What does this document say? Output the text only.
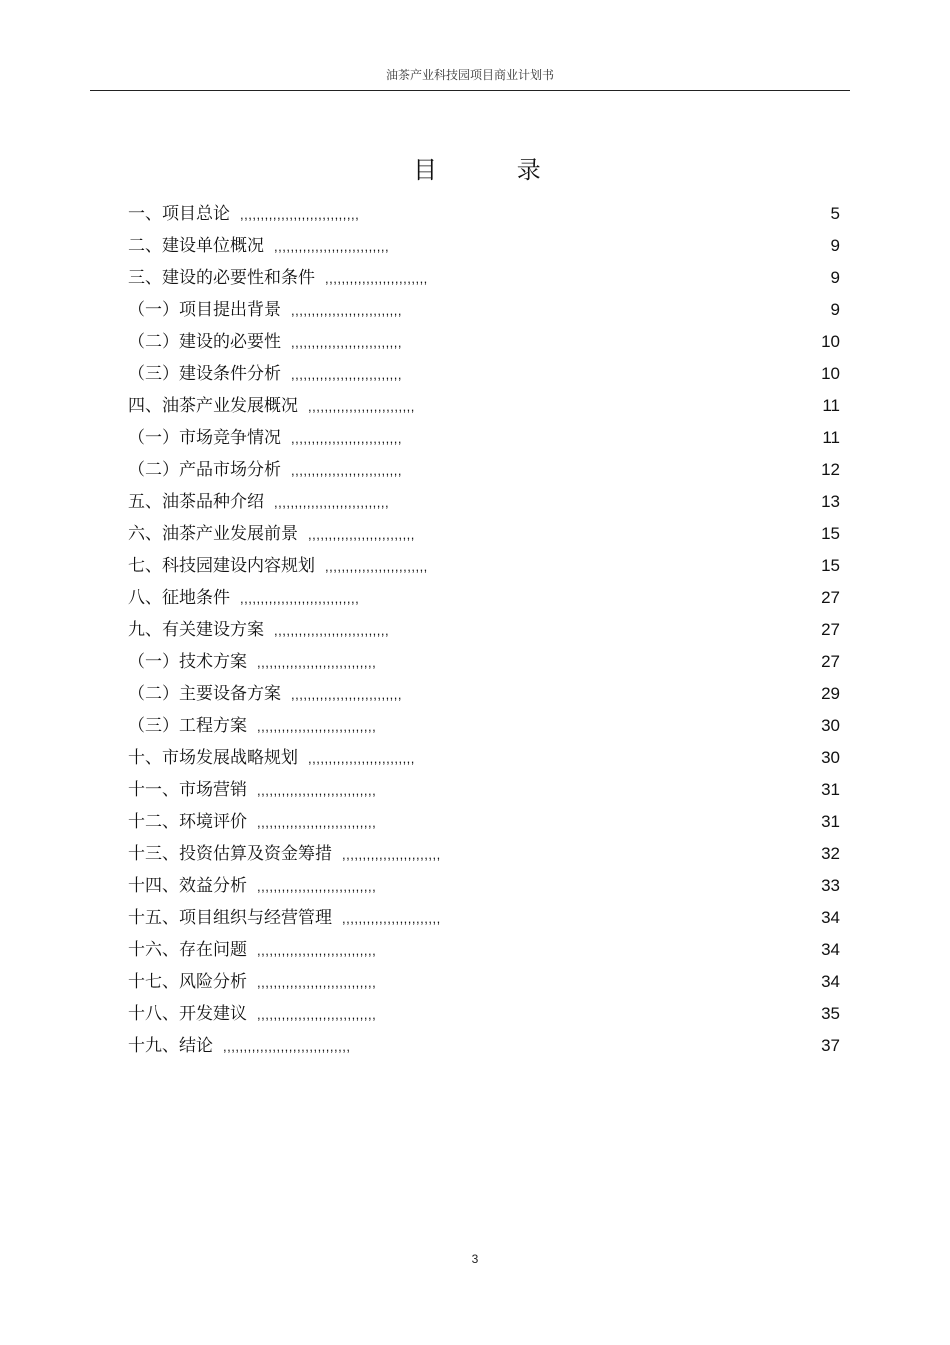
油茶产业科技园项目商业计划书
目 录
一、项目总论 ,,,,,,,,,,,,,,,,,,,,,,,,,,,,,	5
二、建设单位概况 ,,,,,,,,,,,,,,,,,,,,,,,,,,,,	9
三、建设的必要性和条件 ,,,,,,,,,,,,,,,,,,,,,,,,,	9
（一）项目提出背景 ,,,,,,,,,,,,,,,,,,,,,,,,,,,	9
（二）建设的必要性 ,,,,,,,,,,,,,,,,,,,,,,,,,,,	10
（三）建设条件分析 ,,,,,,,,,,,,,,,,,,,,,,,,,,,	10
四、油茶产业发展概况 ,,,,,,,,,,,,,,,,,,,,,,,,,,	11
（一）市场竞争情况 ,,,,,,,,,,,,,,,,,,,,,,,,,,,	11
（二）产品市场分析 ,,,,,,,,,,,,,,,,,,,,,,,,,,,	12
五、油茶品种介绍 ,,,,,,,,,,,,,,,,,,,,,,,,,,,,	13
六、油茶产业发展前景 ,,,,,,,,,,,,,,,,,,,,,,,,,,	15
七、科技园建设内容规划 ,,,,,,,,,,,,,,,,,,,,,,,,,	15
八、征地条件 ,,,,,,,,,,,,,,,,,,,,,,,,,,,,,	27
九、有关建设方案 ,,,,,,,,,,,,,,,,,,,,,,,,,,,,	27
（一）技术方案 ,,,,,,,,,,,,,,,,,,,,,,,,,,,,,	27
（二）主要设备方案 ,,,,,,,,,,,,,,,,,,,,,,,,,,,	29
（三）工程方案 ,,,,,,,,,,,,,,,,,,,,,,,,,,,,,	30
十、市场发展战略规划 ,,,,,,,,,,,,,,,,,,,,,,,,,,	30
十一、市场营销 ,,,,,,,,,,,,,,,,,,,,,,,,,,,,,	31
十二、环境评价 ,,,,,,,,,,,,,,,,,,,,,,,,,,,,,	31
十三、投资估算及资金筹措 ,,,,,,,,,,,,,,,,,,,,,,,,	32
十四、效益分析 ,,,,,,,,,,,,,,,,,,,,,,,,,,,,,	33
十五、项目组织与经营管理 ,,,,,,,,,,,,,,,,,,,,,,,,	34
十六、存在问题 ,,,,,,,,,,,,,,,,,,,,,,,,,,,,,	34
十七、风险分析 ,,,,,,,,,,,,,,,,,,,,,,,,,,,,,	34
十八、开发建议 ,,,,,,,,,,,,,,,,,,,,,,,,,,,,,	35
十九、结论 ,,,,,,,,,,,,,,,,,,,,,,,,,,,,,,,	37
3
